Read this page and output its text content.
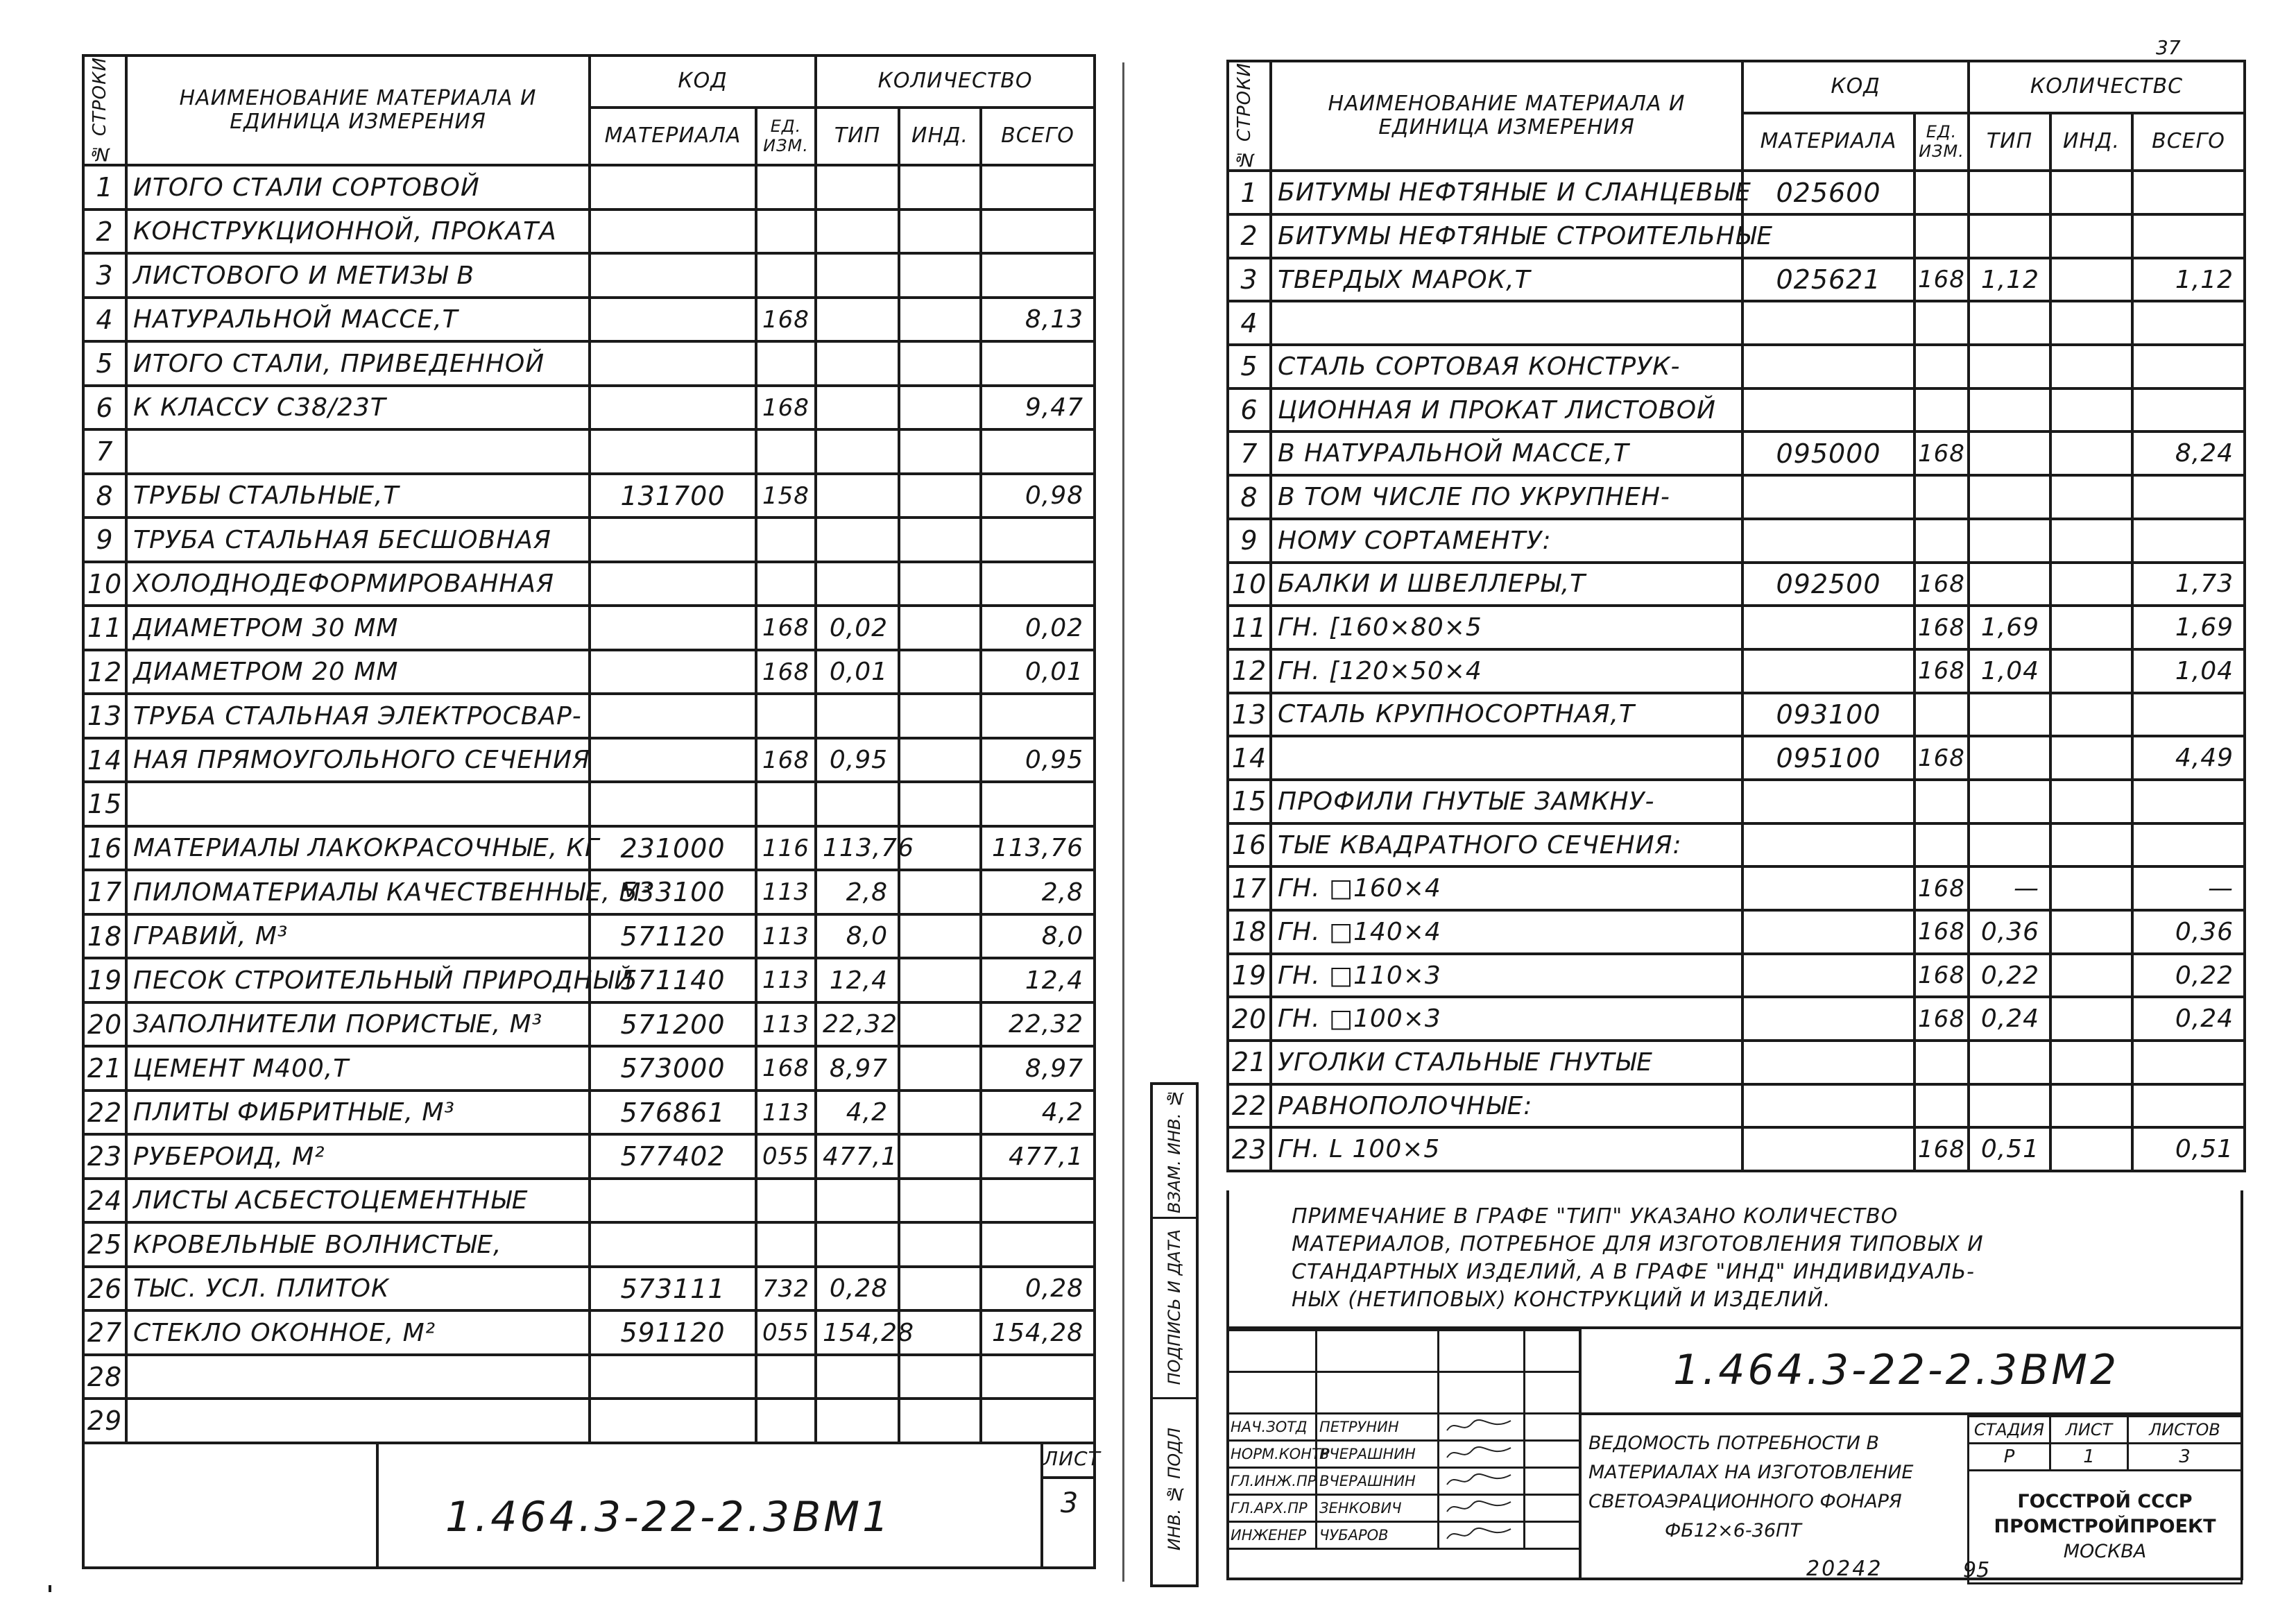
№ СТРОКИ	НАИМЕНОВАНИЕ МАТЕРИАЛА И ЕДИНИЦА ИЗМЕРЕНИЯ	КОД		КОЛИЧЕСТВО		
		МАТЕРИАЛА	ЕД. ИЗМ.	ТИП	ИНД.	ВСЕГО
1	ИТОГО СТАЛИ СОРТОВОЙ					
2	КОНСТРУКЦИОННОЙ, ПРОКАТА					
3	ЛИСТОВОГО И МЕТИЗЫ В					
4	НАТУРАЛЬНОЙ МАССЕ,Т		168			8,13
5	ИТОГО СТАЛИ, ПРИВЕДЕННОЙ					
6	К КЛАССУ С38/23Т		168			9,47
7						
8	ТРУБЫ СТАЛЬНЫЕ,Т	131700	158			0,98
9	ТРУБА СТАЛЬНАЯ БЕСШОВНАЯ					
10	ХОЛОДНОДЕФОРМИРОВАННАЯ					
11	ДИАМЕТРОМ 30 ММ		168	0,02		0,02
12	ДИАМЕТРОМ 20 ММ		168	0,01		0,01
13	ТРУБА СТАЛЬНАЯ ЭЛЕКТРОСВАР-					
14	НАЯ ПРЯМОУГОЛЬНОГО СЕЧЕНИЯ		168	0,95		0,95
15						
16	МАТЕРИАЛЫ ЛАКОКРАСОЧНЫЕ, КГ	231000	116	113,76		113,76
17	ПИЛОМАТЕРИАЛЫ КАЧЕСТВЕННЫЕ, М³	533100	113	2,8		2,8
18	ГРАВИЙ, М³	571120	113	8,0		8,0
19	ПЕСОК СТРОИТЕЛЬНЫЙ ПРИРОДНЫЙ	571140	113	12,4		12,4
20	ЗАПОЛНИТЕЛИ ПОРИСТЫЕ, М³	571200	113	22,32		22,32
21	ЦЕМЕНТ М400,Т	573000	168	8,97		8,97
22	ПЛИТЫ ФИБРИТНЫЕ, М³	576861	113	4,2		4,2
23	РУБЕРОИД, М²	577402	055	477,1		477,1
24	ЛИСТЫ АСБЕСТОЦЕМЕНТНЫЕ					
25	КРОВЕЛЬНЫЕ ВОЛНИСТЫЕ,					
26	ТЫС. УСЛ. ПЛИТОК	573111	732	0,28		0,28
27	СТЕКЛО ОКОННОЕ, М²	591120	055	154,28		154,28
28						
29						

1.464.3-22-2.3ВМ1
ЛИСТ
3						
37
ВЗАМ. ИНВ. №
ПОДПИСЬ И ДАТА
ИНВ. № ПОДЛ
№ СТРОКИ	НАИМЕНОВАНИЕ МАТЕРИАЛА И ЕДИНИЦА ИЗМЕРЕНИЯ	КОД		КОЛИЧЕСТВС		
		МАТЕРИАЛА	ЕД. ИЗМ.	ТИП	ИНД.	ВСЕГО
1	БИТУМЫ НЕФТЯНЫЕ И СЛАНЦЕВЫЕ	025600				
2	БИТУМЫ НЕФТЯНЫЕ СТРОИТЕЛЬНЫЕ					
3	ТВЕРДЫХ МАРОК,Т	025621	168	1,12		1,12
4						
5	СТАЛЬ СОРТОВАЯ КОНСТРУК-					
6	ЦИОННАЯ И ПРОКАТ ЛИСТОВОЙ					
7	В НАТУРАЛЬНОЙ МАССЕ,Т	095000	168			8,24
8	В ТОМ ЧИСЛЕ ПО УКРУПНЕН-					
9	НОМУ СОРТАМЕНТУ:					
10	БАЛКИ И ШВЕЛЛЕРЫ,Т	092500	168			1,73
11	ГН. [160×80×5		168	1,69		1,69
12	ГН. [120×50×4		168	1,04		1,04
13	СТАЛЬ КРУПНОСОРТНАЯ,Т	093100				
14		095100	168			4,49
15	ПРОФИЛИ ГНУТЫЕ ЗАМКНУ-					
16	ТЫЕ КВАДРАТНОГО СЕЧЕНИЯ:					
17	ГН. □160×4		168	—		—
18	ГН. □140×4		168	0,36		0,36
19	ГН. □110×3		168	0,22		0,22
20	ГН. □100×3		168	0,24		0,24
21	УГОЛКИ СТАЛЬНЫЕ ГНУТЫЕ					
22	РАВНОПОЛОЧНЫЕ:					
23	ГН. L 100×5		168	0,51		0,51
ПРИМЕЧАНИЕ В ГРАФЕ "ТИП" УКАЗАНО КОЛИЧЕСТВО
МАТЕРИАЛОВ, ПОТРЕБНОЕ ДЛЯ ИЗГОТОВЛЕНИЯ ТИПОВЫХ И
СТАНДАРТНЫХ ИЗДЕЛИЙ, А В ГРАФЕ "ИНД" ИНДИВИДУАЛЬ-
НЫХ (НЕТИПОВЫХ) КОНСТРУКЦИЙ И ИЗДЕЛИЙ.

НАЧ.ЗОТД	ПЕТРУНИН		
НОРМ.КОНТР	ВЧЕРАШНИН		
ГЛ.ИНЖ.ПР	ВЧЕРАШНИН		
ГЛ.АРХ.ПР	ЗЕНКОВИЧ		
ИНЖЕНЕР	ЧУБАРОВ		
1.464.3-22-2.3ВМ2
ВЕДОМОСТЬ ПОТРЕБНОСТИ В
МАТЕРИАЛАХ НА ИЗГОТОВЛЕНИЕ
СВЕТОАЭРАЦИОННОГО ФОНАРЯ
ФБ12×6-36ПТ
СТАДИЯ	ЛИСТ	ЛИСТОВ
Р	1	3

ГОССТРОЙ СССР
ПРОМСТРОЙПРОЕКТ
МОСКВА		
20242	95
